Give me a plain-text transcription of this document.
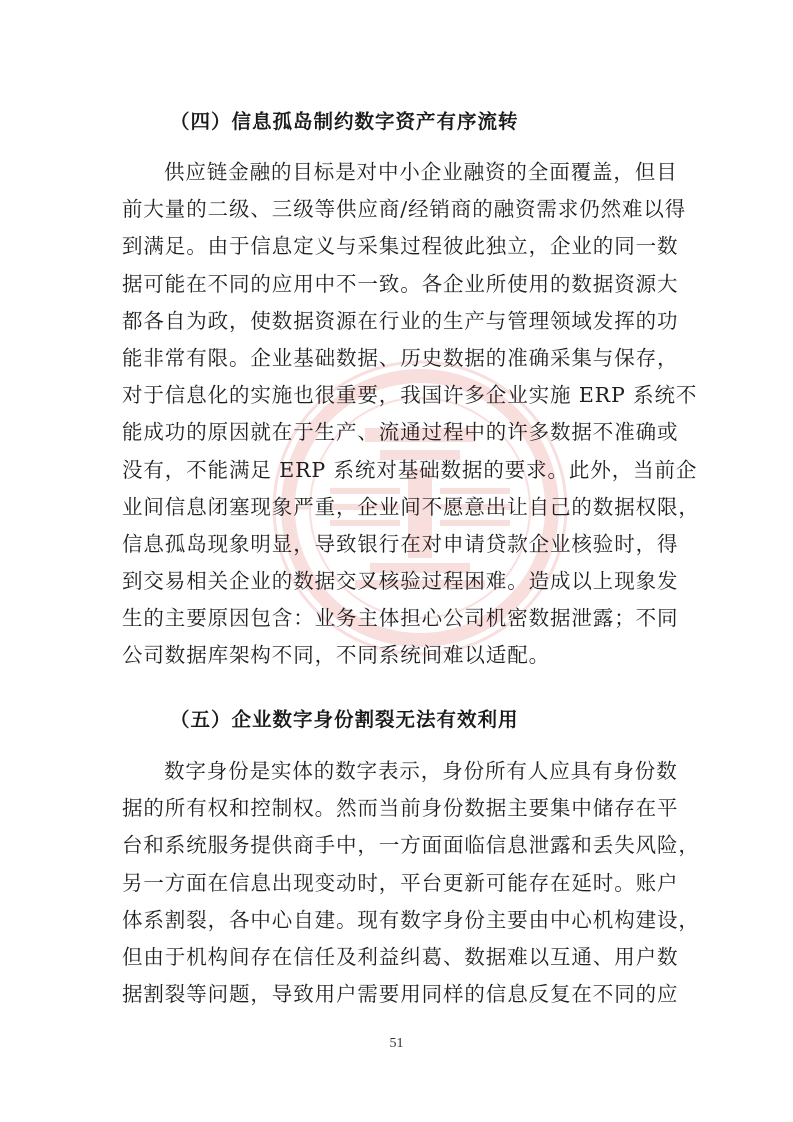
（四）信息孤岛制约数字资产有序流转
供应链金融的目标是对中小企业融资的全面覆盖，但目
前大量的二级、三级等供应商/经销商的融资需求仍然难以得
到满足。由于信息定义与采集过程彼此独立，企业的同一数
据可能在不同的应用中不一致。各企业所使用的数据资源大
都各自为政，使数据资源在行业的生产与管理领域发挥的功
能非常有限。企业基础数据、历史数据的准确采集与保存，
对于信息化的实施也很重要，我国许多企业实施 ERP 系统不
能成功的原因就在于生产、流通过程中的许多数据不准确或
没有，不能满足 ERP 系统对基础数据的要求。此外，当前企
业间信息闭塞现象严重，企业间不愿意出让自己的数据权限，
信息孤岛现象明显，导致银行在对申请贷款企业核验时，得
到交易相关企业的数据交叉核验过程困难。造成以上现象发
生的主要原因包含：业务主体担心公司机密数据泄露；不同
公司数据库架构不同，不同系统间难以适配。
（五）企业数字身份割裂无法有效利用
数字身份是实体的数字表示，身份所有人应具有身份数
据的所有权和控制权。然而当前身份数据主要集中储存在平
台和系统服务提供商手中，一方面面临信息泄露和丢失风险，
另一方面在信息出现变动时，平台更新可能存在延时。账户
体系割裂，各中心自建。现有数字身份主要由中心机构建设，
但由于机构间存在信任及利益纠葛、数据难以互通、用户数
据割裂等问题，导致用户需要用同样的信息反复在不同的应
51
